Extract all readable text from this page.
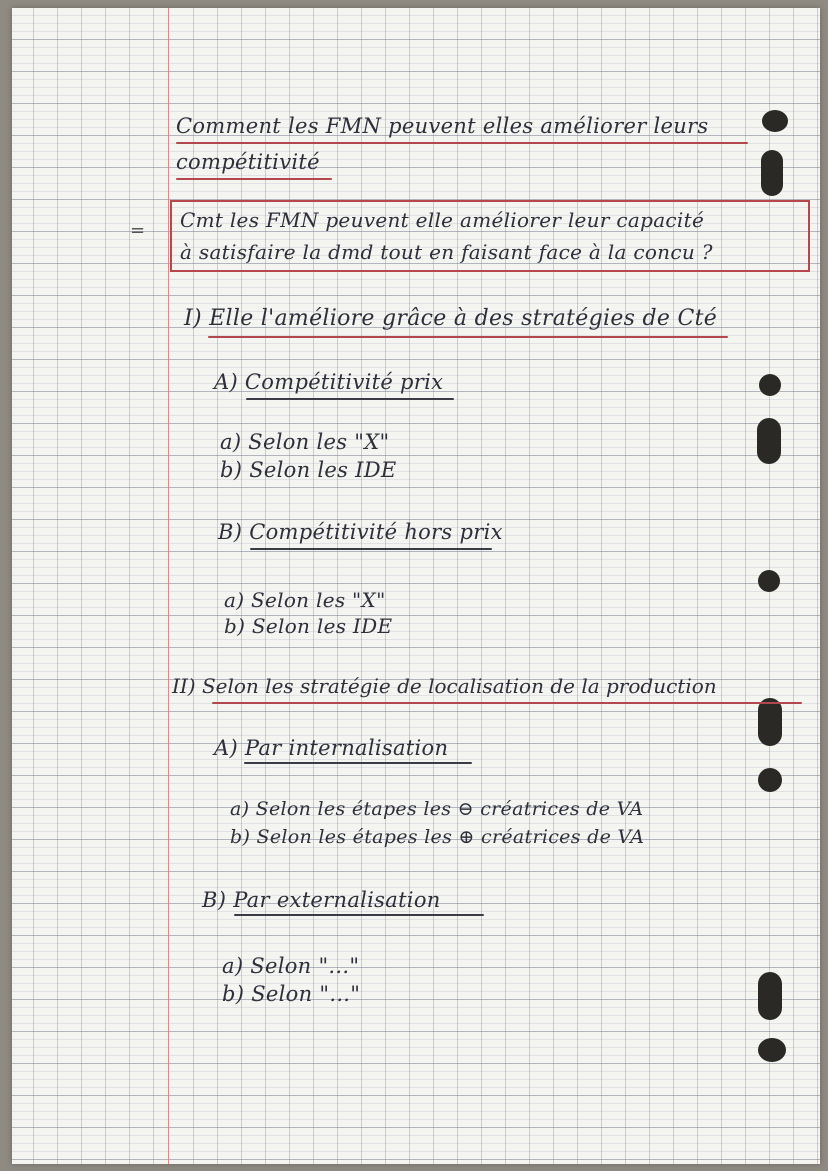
Comment les FMN peuvent elles améliorer leurs
compétitivité
= Cmt les FMN peuvent elle améliorer leur capacité
à satisfaire la dmd tout en faisant face à la concu ?
I) Elle l'améliore grâce à des stratégies de Cté
A) Compétitivité prix
a) Selon les "X"
b) Selon les IDE
B) Compétitivité hors prix
a) Selon les "X"
b) Selon les IDE
II) Selon les stratégie de localisation de la production
A) Par internalisation
a) Selon les étapes les ⊖ créatrices de VA
b) Selon les étapes les ⊕ créatrices de VA
B) Par externalisation
a) Selon "..."
b) Selon "..."
